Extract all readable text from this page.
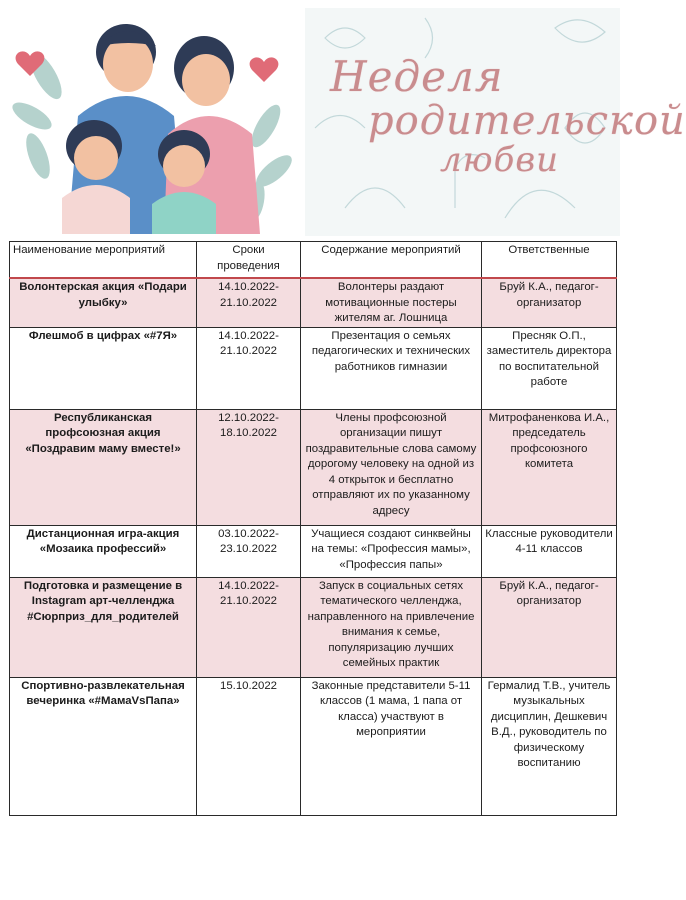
Неделя
родительской
любви
Наименование мероприятий	Сроки проведения	Содержание мероприятий	Ответственные
Волонтерская акция «Подари улыбку»	14.10.2022-21.10.2022	Волонтеры раздают мотивационные постеры жителям аг. Лошница	Бруй К.А., педагог-организатор
Флешмоб в цифрах «#7Я»	14.10.2022-21.10.2022	Презентация о семьях педагогических и технических работников гимназии	Пресняк О.П., заместитель директора по воспитательной работе
Республиканская профсоюзная акция «Поздравим маму вместе!»	12.10.2022-18.10.2022	Члены профсоюзной организации пишут поздравительные слова самому дорогому человеку на одной из 4 открыток и бесплатно отправляют их по указанному адресу	Митрофаненкова И.А., председатель профсоюзного комитета
Дистанционная игра-акция «Мозаика профессий»	03.10.2022-23.10.2022	Учащиеся создают синквейны на темы: «Профессия мамы», «Профессия папы»	Классные руководители 4-11 классов
Подготовка и размещение в Instagram арт-челленджа #Сюрприз_для_родителей	14.10.2022-21.10.2022	Запуск в социальных сетях тематического челленджа, направленного на привлечение внимания к семье, популяризацию лучших семейных практик	Бруй К.А., педагог-организатор
Спортивно-развлекательная вечеринка «#МамаVsПапа»	15.10.2022	Законные представители 5-11 классов (1 мама, 1 папа от класса) участвуют в мероприятии	Гермалид Т.В., учитель музыкальных дисциплин, Дешкевич В.Д., руководитель по физическому воспитанию
